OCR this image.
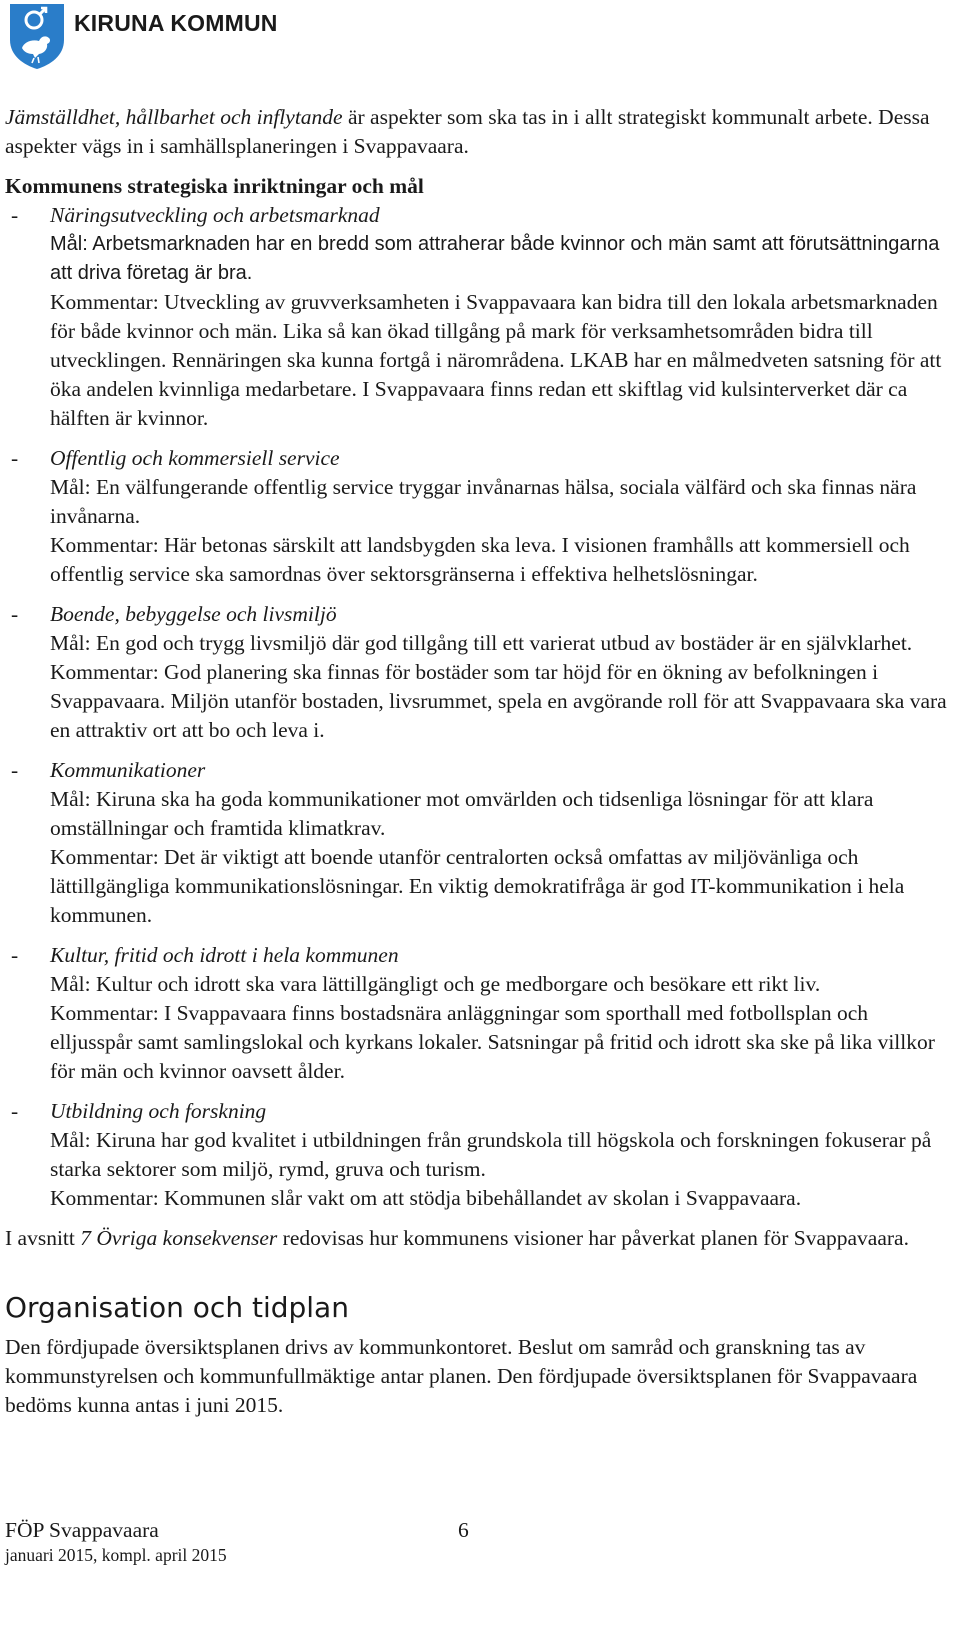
KIRUNA KOMMUN

Jämställdhet, hållbarhet och inflytande är aspekter som ska tas in i allt strategiskt kommunalt arbete. Dessa aspekter vägs in i samhällsplaneringen i Svappavaara.

Kommunens strategiska inriktningar och mål

- Näringsutveckling och arbetsmarknad
Mål: Arbetsmarknaden har en bredd som attraherar både kvinnor och män samt att förutsättningarna att driva företag är bra.
Kommentar: Utveckling av gruvverksamheten i Svappavaara kan bidra till den lokala arbetsmarknaden för både kvinnor och män. Lika så kan ökad tillgång på mark för verksamhetsområden bidra till utvecklingen. Rennäringen ska kunna fortgå i närområdena. LKAB har en målmedveten satsning för att öka andelen kvinnliga medarbetare. I Svappavaara finns redan ett skiftlag vid kulsinterverket där ca hälften är kvinnor.
- Offentlig och kommersiell service
Mål: En välfungerande offentlig service tryggar invånarnas hälsa, sociala välfärd och ska finnas nära invånarna.
Kommentar: Här betonas särskilt att landsbygden ska leva. I visionen framhålls att kommersiell och offentlig service ska samordnas över sektorsgränserna i effektiva helhetslösningar.
- Boende, bebyggelse och livsmiljö
Mål: En god och trygg livsmiljö där god tillgång till ett varierat utbud av bostäder är en självklarhet.
Kommentar: God planering ska finnas för bostäder som tar höjd för en ökning av befolkningen i Svappavaara. Miljön utanför bostaden, livsrummet, spela en avgörande roll för att Svappavaara ska vara en attraktiv ort att bo och leva i.
- Kommunikationer
Mål: Kiruna ska ha goda kommunikationer mot omvärlden och tidsenliga lösningar för att klara omställningar och framtida klimatkrav.
Kommentar: Det är viktigt att boende utanför centralorten också omfattas av miljövänliga och lättillgängliga kommunikationslösningar. En viktig demokratifråga är god IT-kommunikation i hela kommunen.
- Kultur, fritid och idrott i hela kommunen
Mål: Kultur och idrott ska vara lättillgängligt och ge medborgare och besökare ett rikt liv.
Kommentar: I Svappavaara finns bostadsnära anläggningar som sporthall med fotbollsplan och elljusspår samt samlingslokal och kyrkans lokaler. Satsningar på fritid och idrott ska ske på lika villkor för män och kvinnor oavsett ålder.
- Utbildning och forskning
Mål: Kiruna har god kvalitet i utbildningen från grundskola till högskola och forskningen fokuserar på starka sektorer som miljö, rymd, gruva och turism.
Kommentar: Kommunen slår vakt om att stödja bibehållandet av skolan i Svappavaara.

I avsnitt 7 Övriga konsekvenser redovisas hur kommunens visioner har påverkat planen för Svappavaara.

Organisation och tidplan

Den fördjupade översiktsplanen drivs av kommunkontoret. Beslut om samråd och granskning tas av kommunstyrelsen och kommunfullmäktige antar planen. Den fördjupade översiktsplanen för Svappavaara bedöms kunna antas i juni 2015.

FÖP Svappavaara	6
januari 2015, kompl. april 2015
